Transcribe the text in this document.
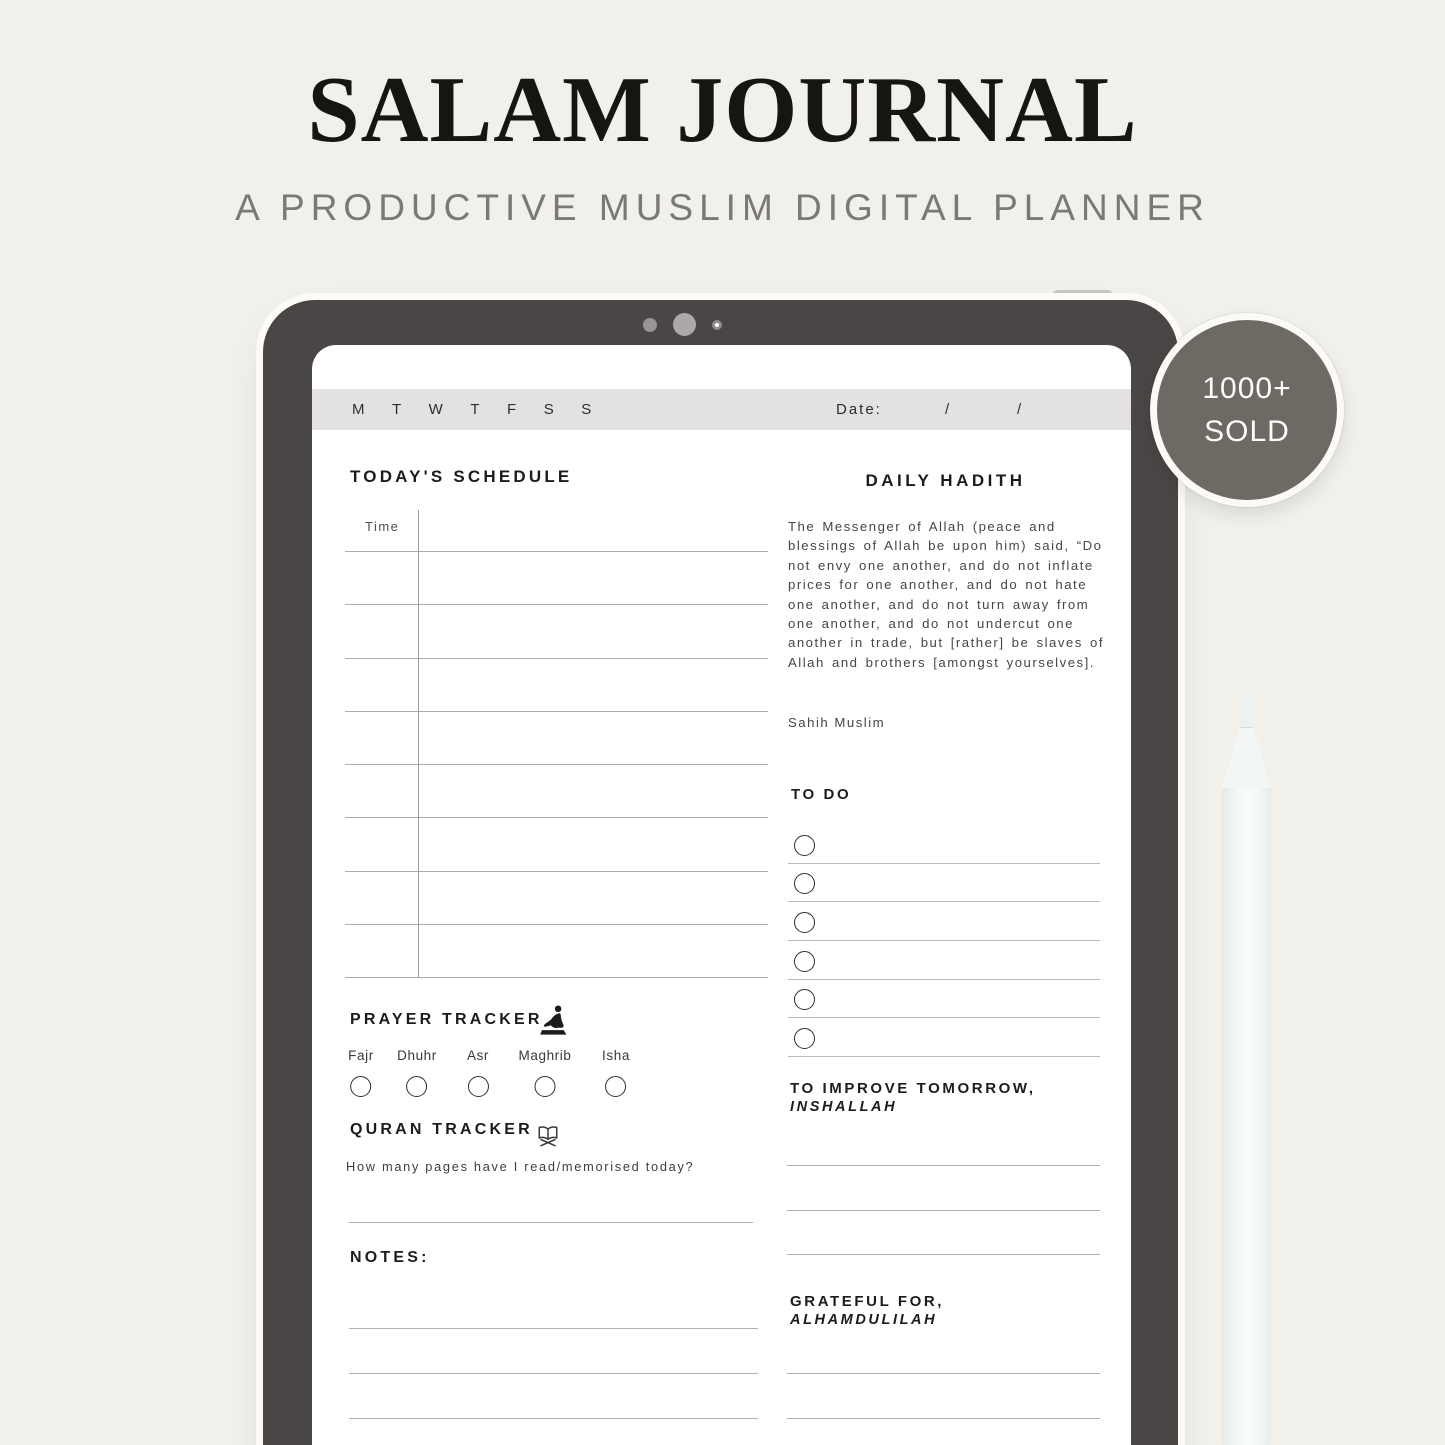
SALAM JOURNAL
A PRODUCTIVE MUSLIM DIGITAL PLANNER
M T W T F S S	Date:	/	/
TODAY'S SCHEDULE
Time
PRAYER TRACKER
Fajr Dhuhr Asr Maghrib Isha
QURAN TRACKER
How many pages have I read/memorised today?
NOTES:
DAILY HADITH
The Messenger of Allah (peace and blessings of Allah be upon him) said, “Do not envy one another, and do not inflate prices for one another, and do not hate one another, and do not turn away from one another, and do not undercut one another in trade, but [rather] be slaves of Allah and brothers [amongst yourselves].
Sahih Muslim
TO DO
TO IMPROVE TOMORROW,
INSHALLAH
GRATEFUL FOR,
ALHAMDULILAH
1000+
SOLD
